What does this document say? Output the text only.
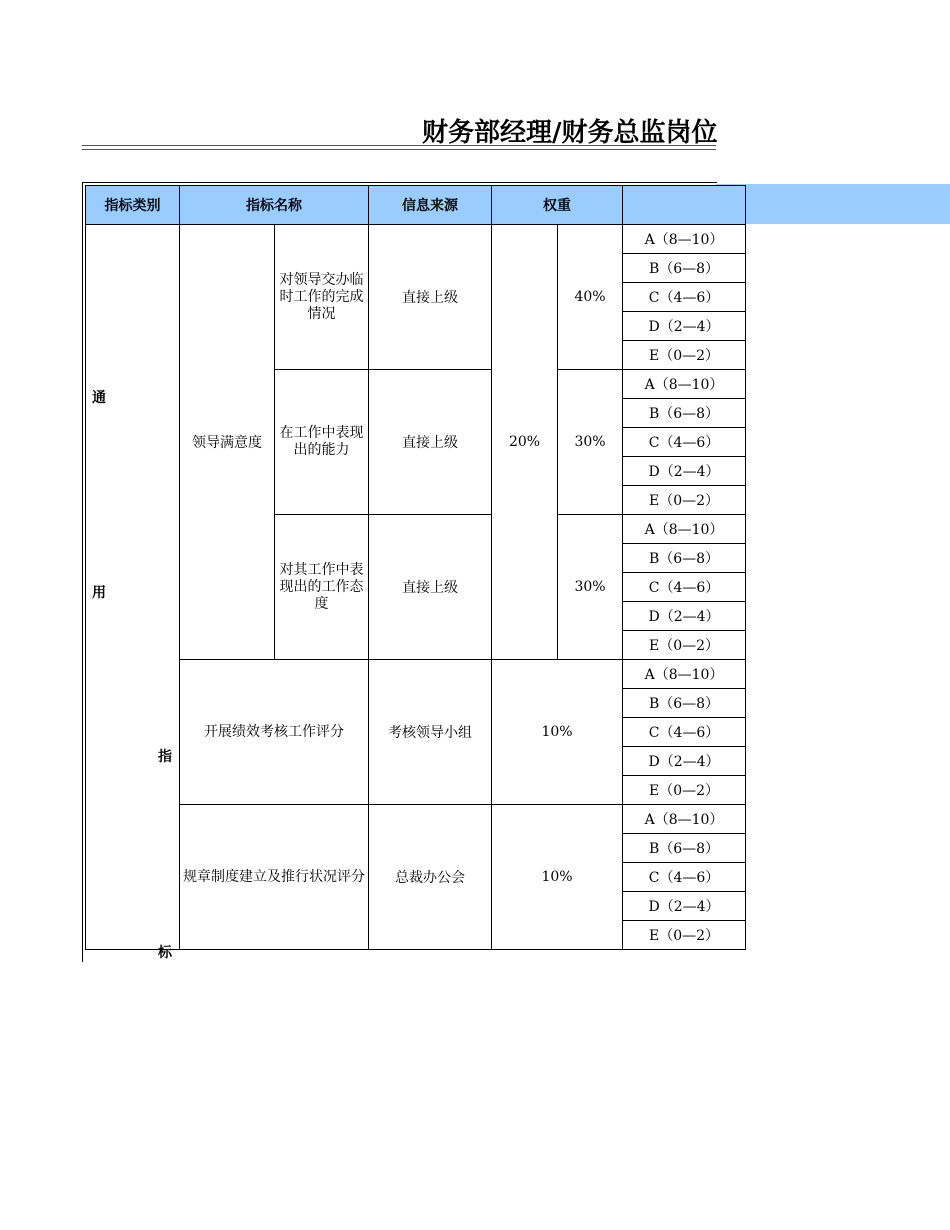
财务部经理/财务总监岗位
指标类别	指标名称		信息来源	权重		

通
用
指
标	领导满意度	对领导交办临时工作的完成情况	直接上级	20%	40%	A（8—10）
						B（6—8）
						C（4—6）
						D（2—4）
						E（0—2）
		在工作中表现出的能力	直接上级		30%	A（8—10）
						B（6—8）
						C（4—6）
						D（2—4）
						E（0—2）
		对其工作中表现出的工作态度	直接上级		30%	A（8—10）
						B（6—8）
						C（4—6）
						D（2—4）
						E（0—2）
	开展绩效考核工作评分		考核领导小组	10%		A（8—10）
						B（6—8）
						C（4—6）
						D（2—4）
						E（0—2）
	规章制度建立及推行状况评分		总裁办公会	10%		A（8—10）
						B（6—8）
						C（4—6）
						D（2—4）
						E（0—2）
